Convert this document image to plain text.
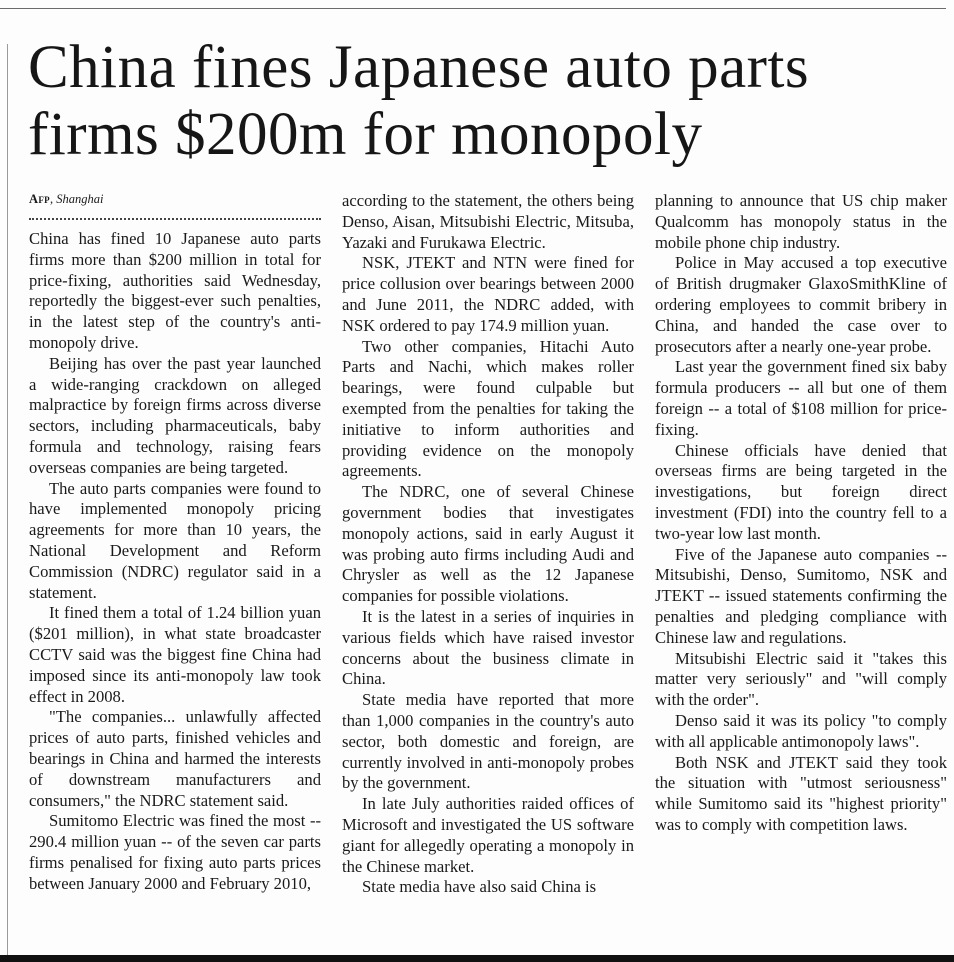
China fines Japanese auto parts firms $200m for monopoly
Afp, Shanghai

China has fined 10 Japanese auto parts firms more than $200 million in total for price-fixing, authorities said Wednesday, reportedly the biggest-ever such penalties, in the latest step of the country's anti-monopoly drive.

Beijing has over the past year launched a wide-ranging crackdown on alleged malpractice by foreign firms across diverse sectors, including pharmaceuticals, baby formula and technology, raising fears overseas companies are being targeted.

The auto parts companies were found to have implemented monopoly pricing agreements for more than 10 years, the National Development and Reform Commission (NDRC) regulator said in a statement.

It fined them a total of 1.24 billion yuan ($201 million), in what state broadcaster CCTV said was the biggest fine China had imposed since its anti-monopoly law took effect in 2008.

"The companies... unlawfully affected prices of auto parts, finished vehicles and bearings in China and harmed the interests of downstream manufacturers and consumers," the NDRC statement said.

Sumitomo Electric was fined the most -- 290.4 million yuan -- of the seven car parts firms penalised for fixing auto parts prices between January 2000 and February 2010,

according to the statement, the others being Denso, Aisan, Mitsubishi Electric, Mitsuba, Yazaki and Furukawa Electric.

NSK, JTEKT and NTN were fined for price collusion over bearings between 2000 and June 2011, the NDRC added, with NSK ordered to pay 174.9 million yuan.

Two other companies, Hitachi Auto Parts and Nachi, which makes roller bearings, were found culpable but exempted from the penalties for taking the initiative to inform authorities and providing evidence on the monopoly agreements.

The NDRC, one of several Chinese government bodies that investigates monopoly actions, said in early August it was probing auto firms including Audi and Chrysler as well as the 12 Japanese companies for possible violations.

It is the latest in a series of inquiries in various fields which have raised investor concerns about the business climate in China.

State media have reported that more than 1,000 companies in the country's auto sector, both domestic and foreign, are currently involved in anti-monopoly probes by the government.

In late July authorities raided offices of Microsoft and investigated the US software giant for allegedly operating a monopoly in the Chinese market.

State media have also said China is

planning to announce that US chip maker Qualcomm has monopoly status in the mobile phone chip industry.

Police in May accused a top executive of British drugmaker GlaxoSmithKline of ordering employees to commit bribery in China, and handed the case over to prosecutors after a nearly one-year probe.

Last year the government fined six baby formula producers -- all but one of them foreign -- a total of $108 million for price-fixing.

Chinese officials have denied that overseas firms are being targeted in the investigations, but foreign direct investment (FDI) into the country fell to a two-year low last month.

Five of the Japanese auto companies -- Mitsubishi, Denso, Sumitomo, NSK and JTEKT -- issued statements confirming the penalties and pledging compliance with Chinese law and regulations.

Mitsubishi Electric said it "takes this matter very seriously" and "will comply with the order".

Denso said it was its policy "to comply with all applicable antimonopoly laws".

Both NSK and JTEKT said they took the situation with "utmost seriousness" while Sumitomo said its "highest priority" was to comply with competition laws.
